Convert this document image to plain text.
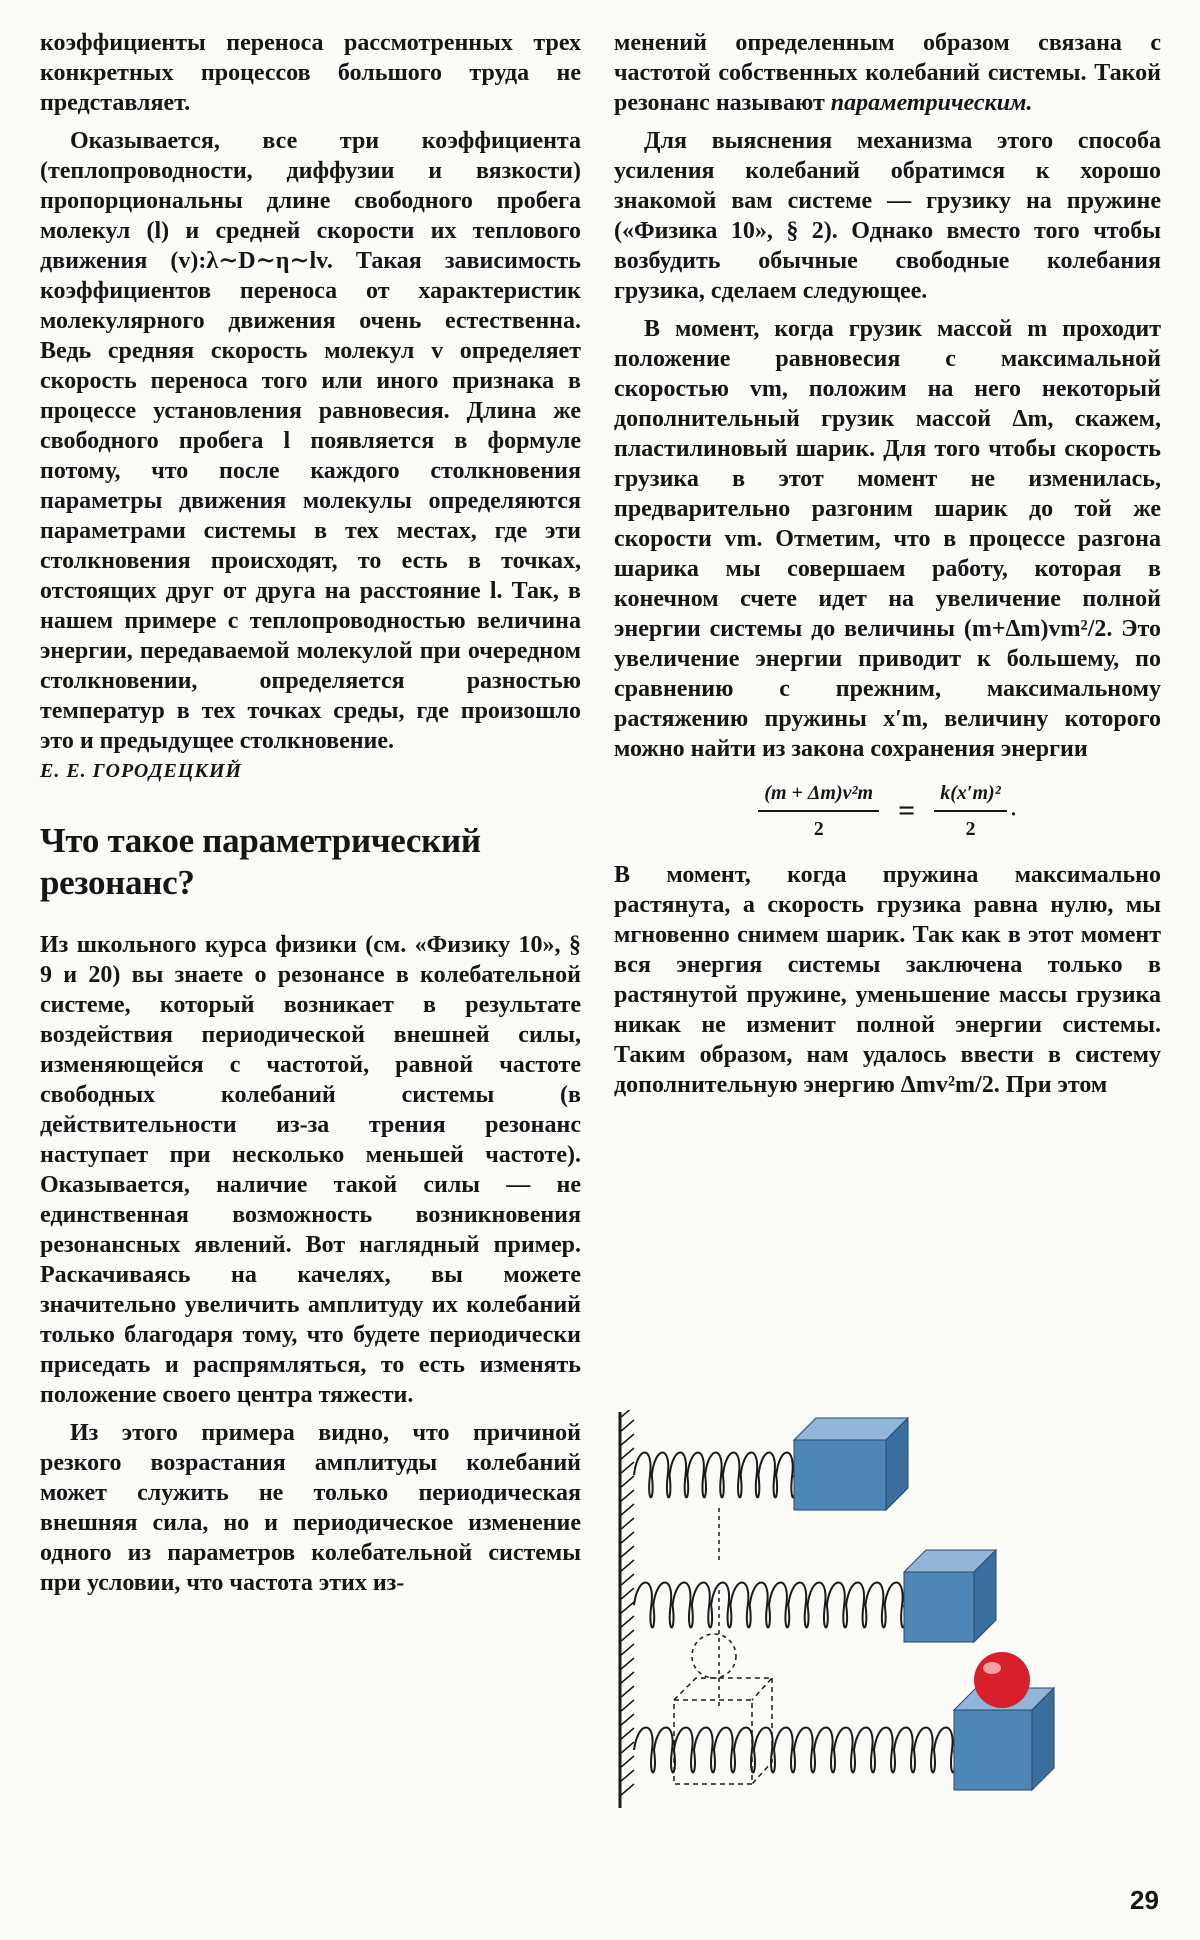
коэффициенты переноса рассмотренных трех конкретных процессов большого труда не представляет.

Оказывается, все три коэффициента (теплопроводности, диффузии и вязкости) пропорциональны длине свободного пробега молекул (l) и средней скорости их теплового движения (v):λ∼D∼η∼lv. Такая зависимость коэффициентов переноса от характеристик молекулярного движения очень естественна. Ведь средняя скорость молекул v определяет скорость переноса того или иного признака в процессе установления равновесия. Длина же свободного пробега l появляется в формуле потому, что после каждого столкновения параметры движения молекулы определяются параметрами системы в тех местах, где эти столкновения происходят, то есть в точках, отстоящих друг от друга на расстояние l. Так, в нашем примере с теплопроводностью величина энергии, передаваемой молекулой при очередном столкновении, определяется разностью температур в тех точках среды, где произошло это и предыдущее столкновение.

Е. Е. ГОРОДЕЦКИЙ

Что такое параметрический резонанс?

Из школьного курса физики (см. «Физику 10», § 9 и 20) вы знаете о резонансе в колебательной системе, который возникает в результате воздействия периодической внешней силы, изменяющейся с частотой, равной частоте свободных колебаний системы (в действительности из-за трения резонанс наступает при несколько меньшей частоте). Оказывается, наличие такой силы — не единственная возможность возникновения резонансных явлений. Вот наглядный пример. Раскачиваясь на качелях, вы можете значительно увеличить амплитуду их колебаний только благодаря тому, что будете периодически приседать и распрямляться, то есть изменять положение своего центра тяжести.

Из этого примера видно, что причиной резкого возрастания амплитуды колебаний может служить не только периодическая внешняя сила, но и периодическое изменение одного из параметров колебательной системы при условии, что частота этих из-

менений определенным образом связана с частотой собственных колебаний системы. Такой резонанс называют параметрическим.

Для выяснения механизма этого способа усиления колебаний обратимся к хорошо знакомой вам системе — грузику на пружине («Физика 10», § 2). Однако вместо того чтобы возбудить обычные свободные колебания грузика, сделаем следующее.

В момент, когда грузик массой m проходит положение равновесия с максимальной скоростью vm, положим на него некоторый дополнительный грузик массой Δm, скажем, пластилиновый шарик. Для того чтобы скорость грузика в этот момент не изменилась, предварительно разгоним шарик до той же скорости vm. Отметим, что в процессе разгона шарика мы совершаем работу, которая в конечном счете идет на увеличение полной энергии системы до величины (m+Δm)vm²/2. Это увеличение энергии приводит к большему, по сравнению с прежним, максимальному растяжению пружины x′m, величину которого можно найти из закона сохранения энергии

$\frac{\text{(m + Δm)v²m}}{2} = \frac{\text{k(x′m)²}}{2}$ .

В момент, когда пружина максимально растянута, а скорость грузика равна нулю, мы мгновенно снимем шарик. Так как в этот момент вся энергия системы заключена только в растянутой пружине, уменьшение массы грузика никак не изменит полной энергии системы. Таким образом, нам удалось ввести в систему дополнительную энергию Δmv²m/2. При этом

29
